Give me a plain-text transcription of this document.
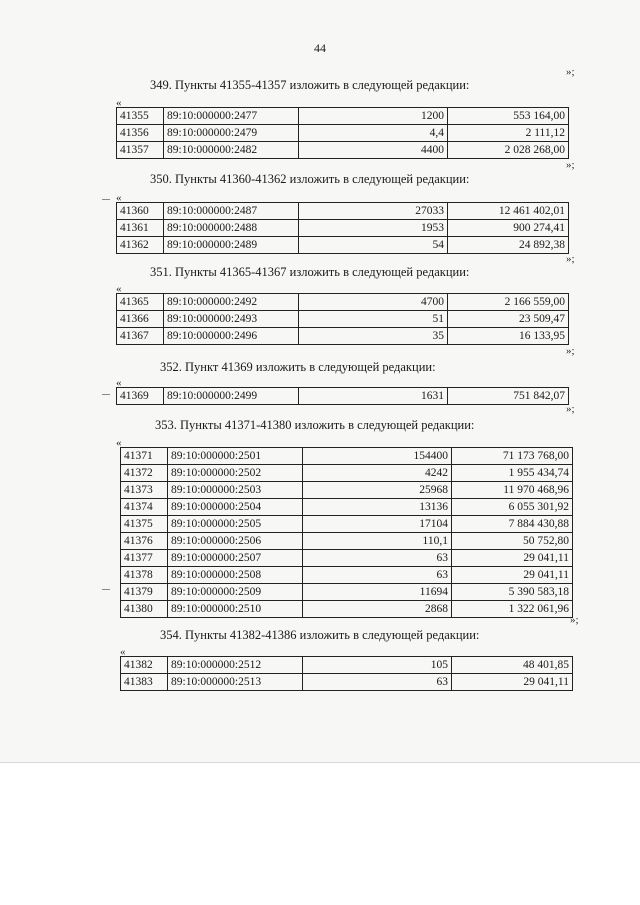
44
»;
349. Пункты 41355-41357 изложить в следующей редакции:
«
41355	89:10:000000:2477	1200	553 164,00
41356	89:10:000000:2479	4,4	2 111,12
41357	89:10:000000:2482	4400	2 028 268,00
»;
350. Пункты 41360-41362 изложить в следующей редакции:
«
41360	89:10:000000:2487	27033	12 461 402,01
41361	89:10:000000:2488	1953	900 274,41
41362	89:10:000000:2489	54	24 892,38
»;
351. Пункты 41365-41367 изложить в следующей редакции:
«
41365	89:10:000000:2492	4700	2 166 559,00
41366	89:10:000000:2493	51	23 509,47
41367	89:10:000000:2496	35	16 133,95
»;
352. Пункт 41369 изложить в следующей редакции:
«
41369	89:10:000000:2499	1631	751 842,07
»;
353. Пункты 41371-41380 изложить в следующей редакции:
«
41371	89:10:000000:2501	154400	71 173 768,00
41372	89:10:000000:2502	4242	1 955 434,74
41373	89:10:000000:2503	25968	11 970 468,96
41374	89:10:000000:2504	13136	6 055 301,92
41375	89:10:000000:2505	17104	7 884 430,88
41376	89:10:000000:2506	110,1	50 752,80
41377	89:10:000000:2507	63	29 041,11
41378	89:10:000000:2508	63	29 041,11
41379	89:10:000000:2509	11694	5 390 583,18
41380	89:10:000000:2510	2868	1 322 061,96
»;
354. Пункты 41382-41386 изложить в следующей редакции:
«
41382	89:10:000000:2512	105	48 401,85
41383	89:10:000000:2513	63	29 041,11
